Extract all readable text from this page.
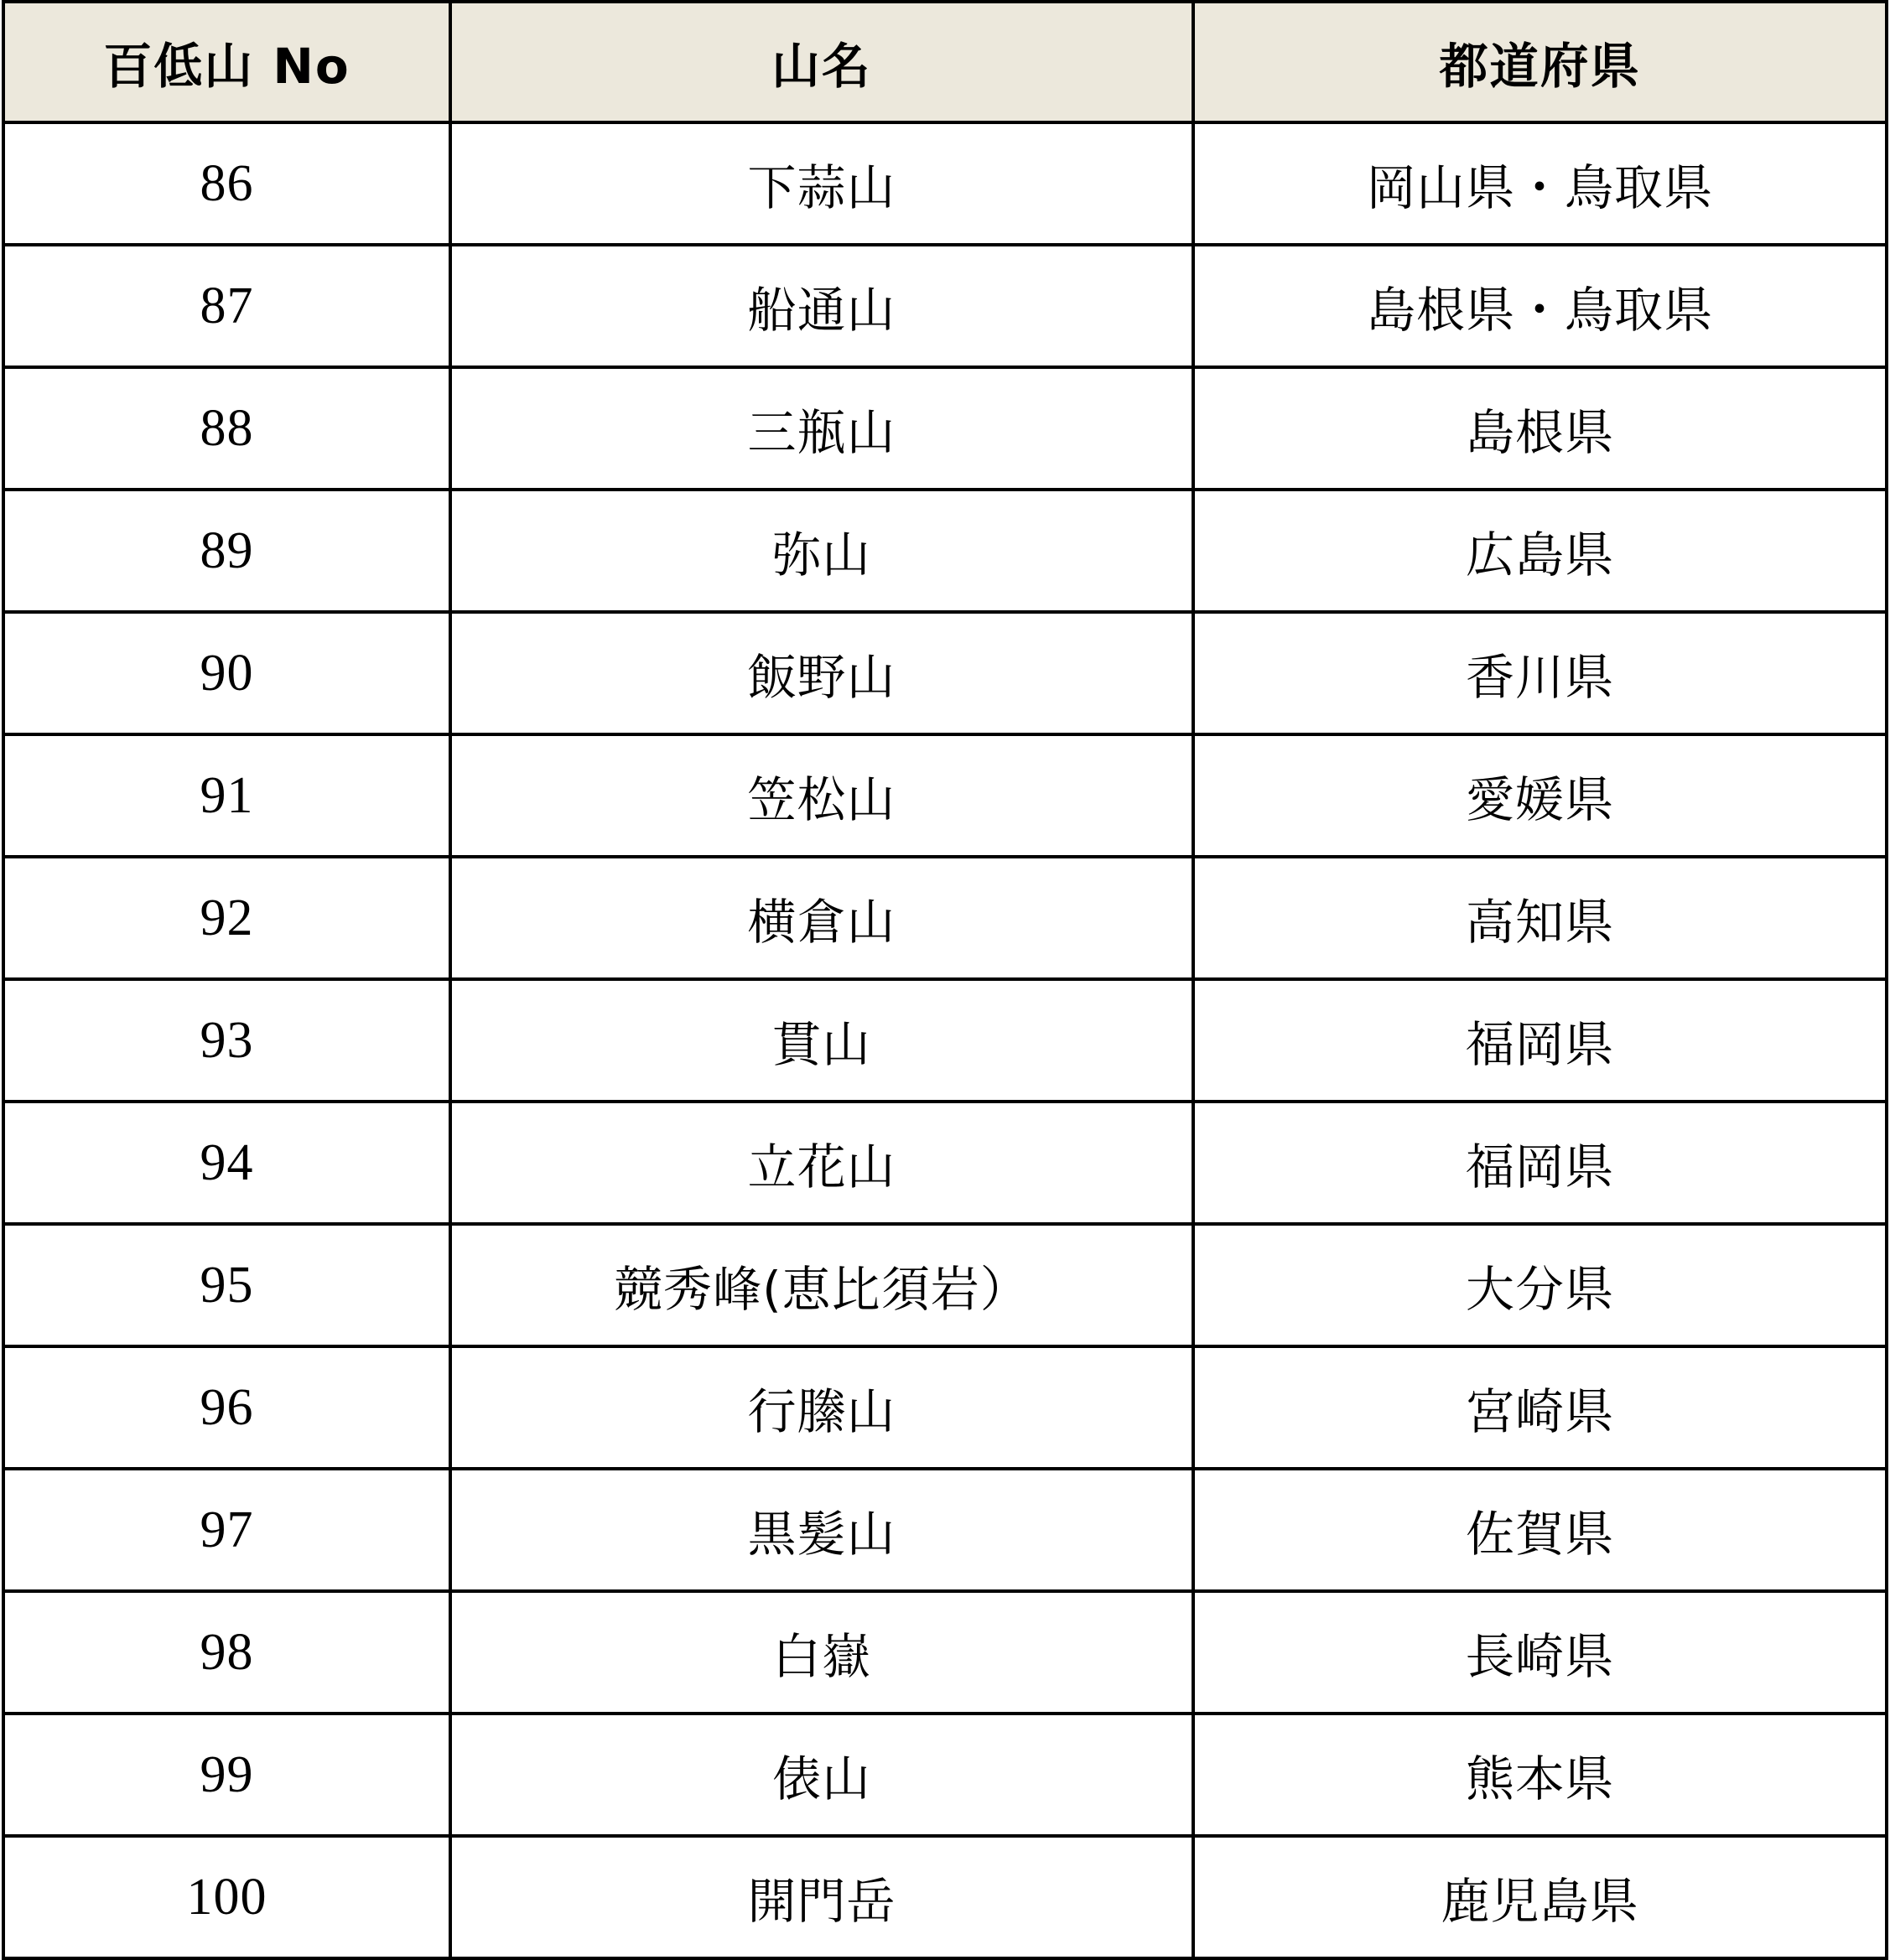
百低山 No	山名	都道府県
86	下蒜山	岡山県・鳥取県
87	船通山	島根県・鳥取県
88	三瓶山	島根県
89	弥山	広島県
90	飯野山	香川県
91	笠松山	愛媛県
92	横倉山	高知県
93	貫山	福岡県
94	立花山	福岡県
95	競秀峰(恵比須岩）	大分県
96	行縢山	宮崎県
97	黒髪山	佐賀県
98	白嶽	長崎県
99	俵山	熊本県
100	開門岳	鹿児島県
